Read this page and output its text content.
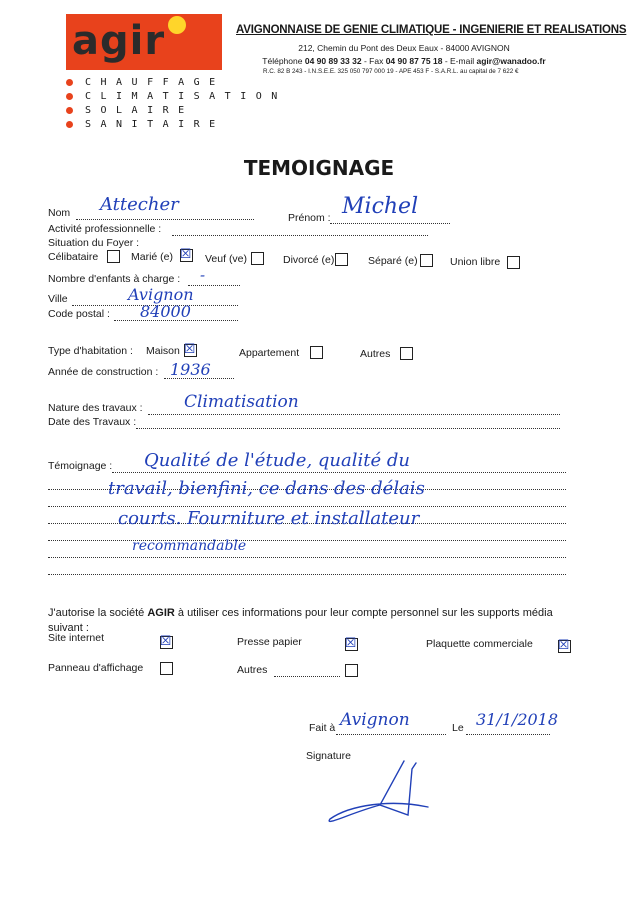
agir
CHAUFFAGE
CLIMATISATION
SOLAIRE
SANITAIRE
AVIGNONNAISE DE GENIE CLIMATIQUE - INGENIERIE ET REALISATIONS
212, Chemin du Pont des Deux Eaux - 84000 AVIGNON
Téléphone 04 90 89 33 32 - Fax 04 90 87 75 18 - E-mail agir@wanadoo.fr
R.C. 82 B 243 - I.N.S.E.E. 325 050 797 000 19 - APE 453 F - S.A.R.L. au capital de 7 622 €
TEMOIGNAGE
Nom Attecher
Prénom : Michel
Activité professionnelle :
Situation du Foyer :
Célibataire	Marié (e) ☒ Veuf (ve)	Divorcé (e)	Séparé (e)	Union libre
Nombre d'enfants à charge : -
Ville	Avignon
Code postal : 84000
Type d'habitation : Maison ☒	Appartement	Autres
Année de construction : 1936
Nature des travaux : Climatisation
Date des Travaux :
Témoignage : Qualité de l'étude, qualité du
travail, bienfini, ce dans des délais
courts. Fourniture et installateur
recommandable
J'autorise la société AGIR à utiliser ces informations pour leur compte personnel sur les supports média suivant :
Site internet	☒	Presse papier	☒	Plaquette commerciale ☒
Panneau d'affichage	Autres
Fait à Avignon	Le 31/1/2018
Signature
